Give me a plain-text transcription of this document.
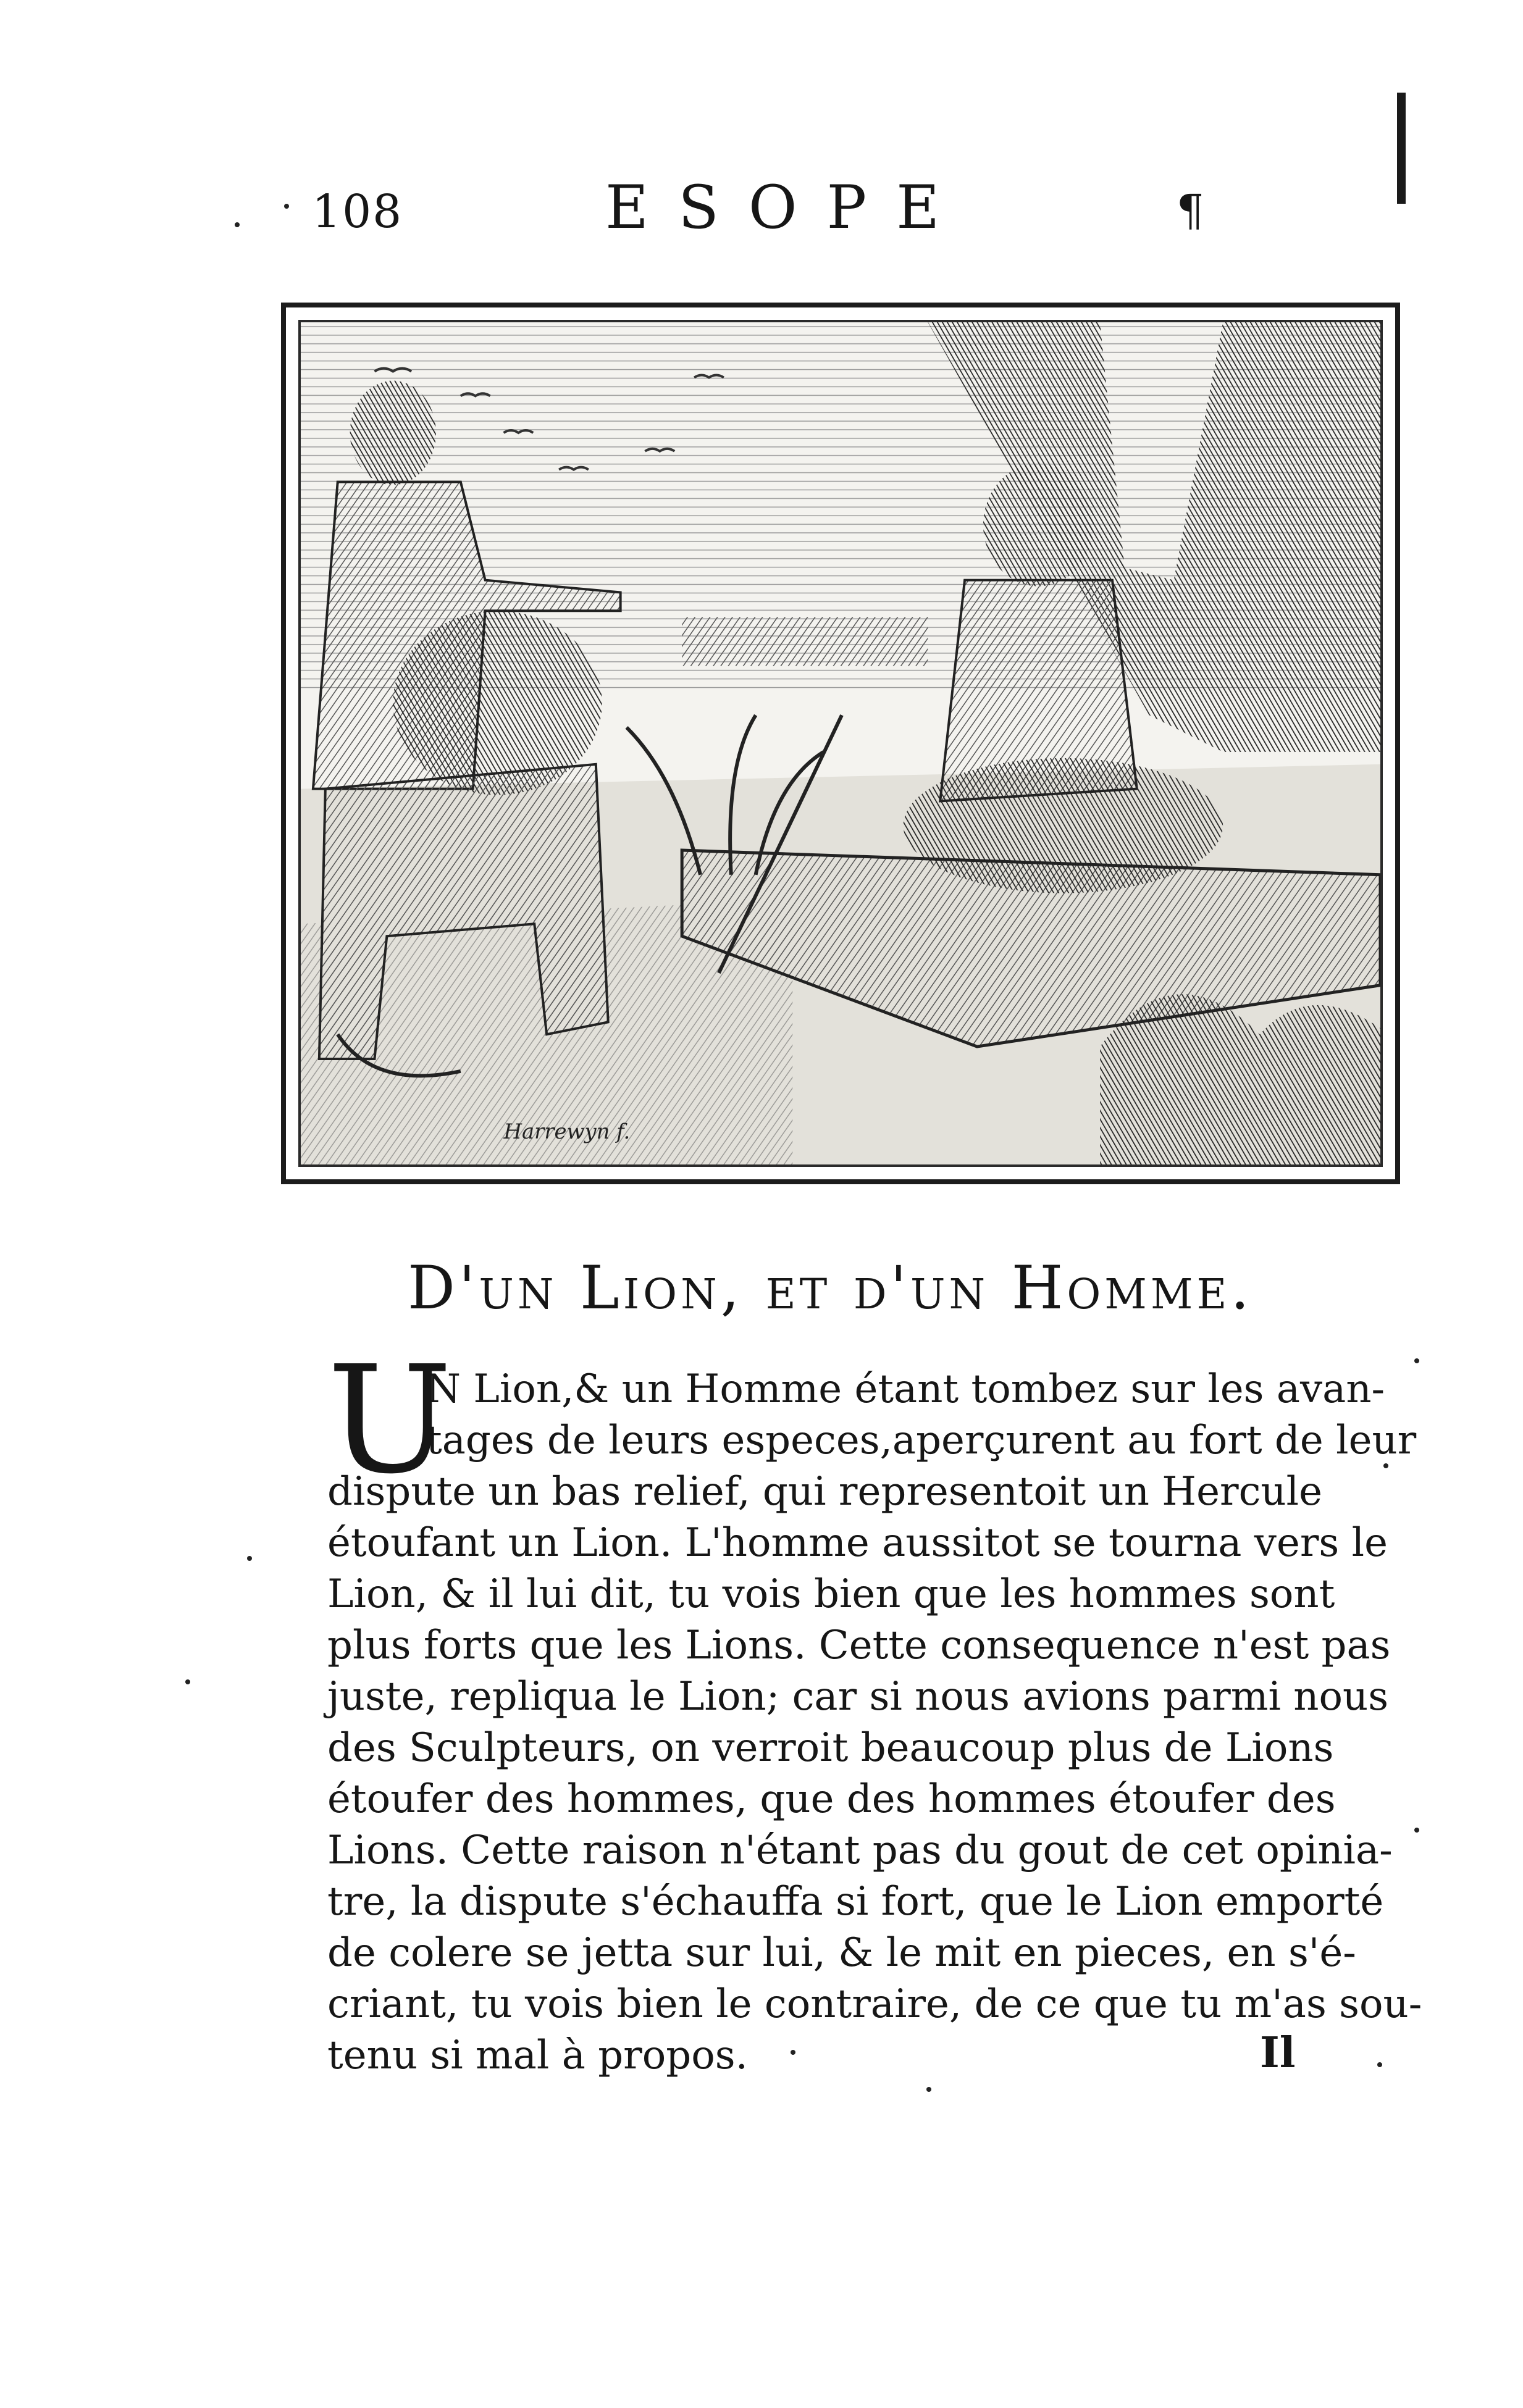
108	ESOPE	¶
Harrewyn f.
D'un Lion, et d'un Homme.
U
N Lion,& un Homme étant tombez sur les avan-
tages de leurs especes,aperçurent au fort de leur
dispute un bas relief, qui representoit un Hercule
étoufant un Lion. L'homme aussitot se tourna vers le
Lion, & il lui dit, tu vois bien que les hommes sont
plus forts que les Lions. Cette consequence n'est pas
juste, repliqua le Lion; car si nous avions parmi nous
des Sculpteurs, on verroit beaucoup plus de Lions
étoufer des hommes, que des hommes étoufer des
Lions. Cette raison n'étant pas du gout de cet opinia-
tre, la dispute s'échauffa si fort, que le Lion emporté
de colere se jetta sur lui, & le mit en pieces, en s'é-
criant, tu vois bien le contraire, de ce que tu m'as sou-
tenu si mal à propos.	Il
